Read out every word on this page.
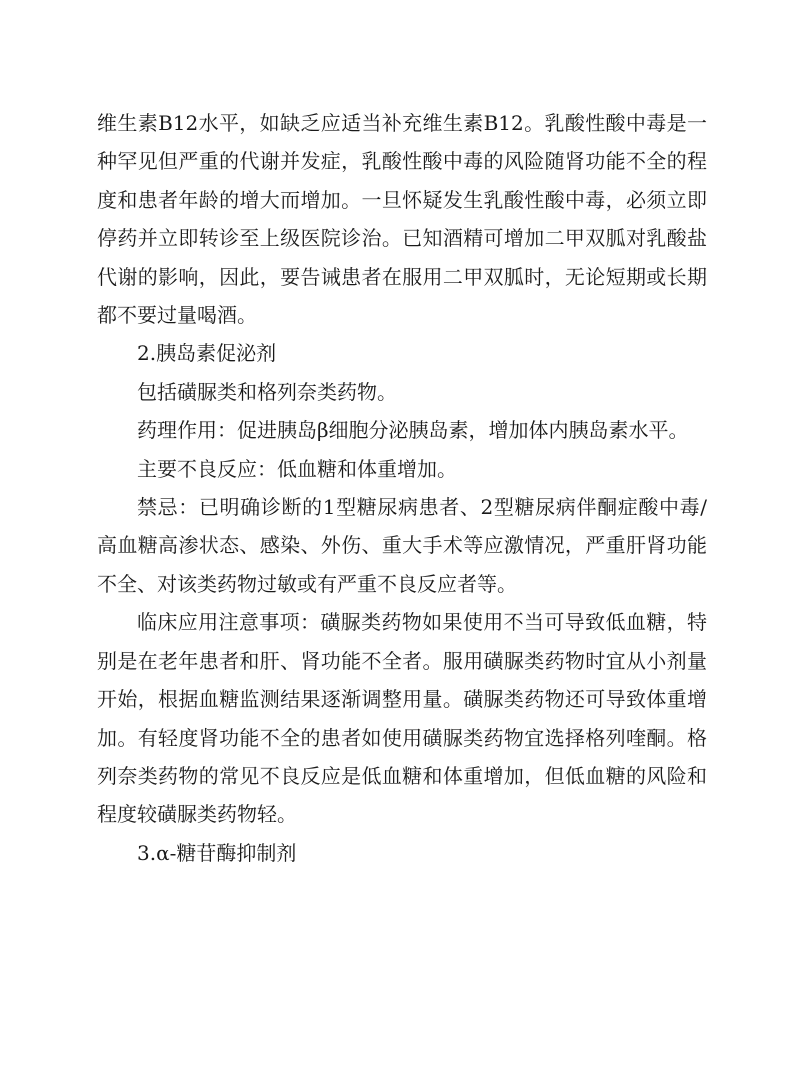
维生素B12水平，如缺乏应适当补充维生素B12。乳酸性酸中毒是一种罕见但严重的代谢并发症，乳酸性酸中毒的风险随肾功能不全的程度和患者年龄的增大而增加。一旦怀疑发生乳酸性酸中毒，必须立即停药并立即转诊至上级医院诊治。已知酒精可增加二甲双胍对乳酸盐代谢的影响，因此，要告诫患者在服用二甲双胍时，无论短期或长期都不要过量喝酒。

2.胰岛素促泌剂

包括磺脲类和格列奈类药物。

药理作用：促进胰岛β细胞分泌胰岛素，增加体内胰岛素水平。

主要不良反应：低血糖和体重增加。

禁忌：已明确诊断的1型糖尿病患者、2型糖尿病伴酮症酸中毒/高血糖高渗状态、感染、外伤、重大手术等应激情况，严重肝肾功能不全、对该类药物过敏或有严重不良反应者等。

临床应用注意事项：磺脲类药物如果使用不当可导致低血糖，特别是在老年患者和肝、肾功能不全者。服用磺脲类药物时宜从小剂量开始，根据血糖监测结果逐渐调整用量。磺脲类药物还可导致体重增加。有轻度肾功能不全的患者如使用磺脲类药物宜选择格列喹酮。格列奈类药物的常见不良反应是低血糖和体重增加，但低血糖的风险和程度较磺脲类药物轻。

3.α-糖苷酶抑制剂
